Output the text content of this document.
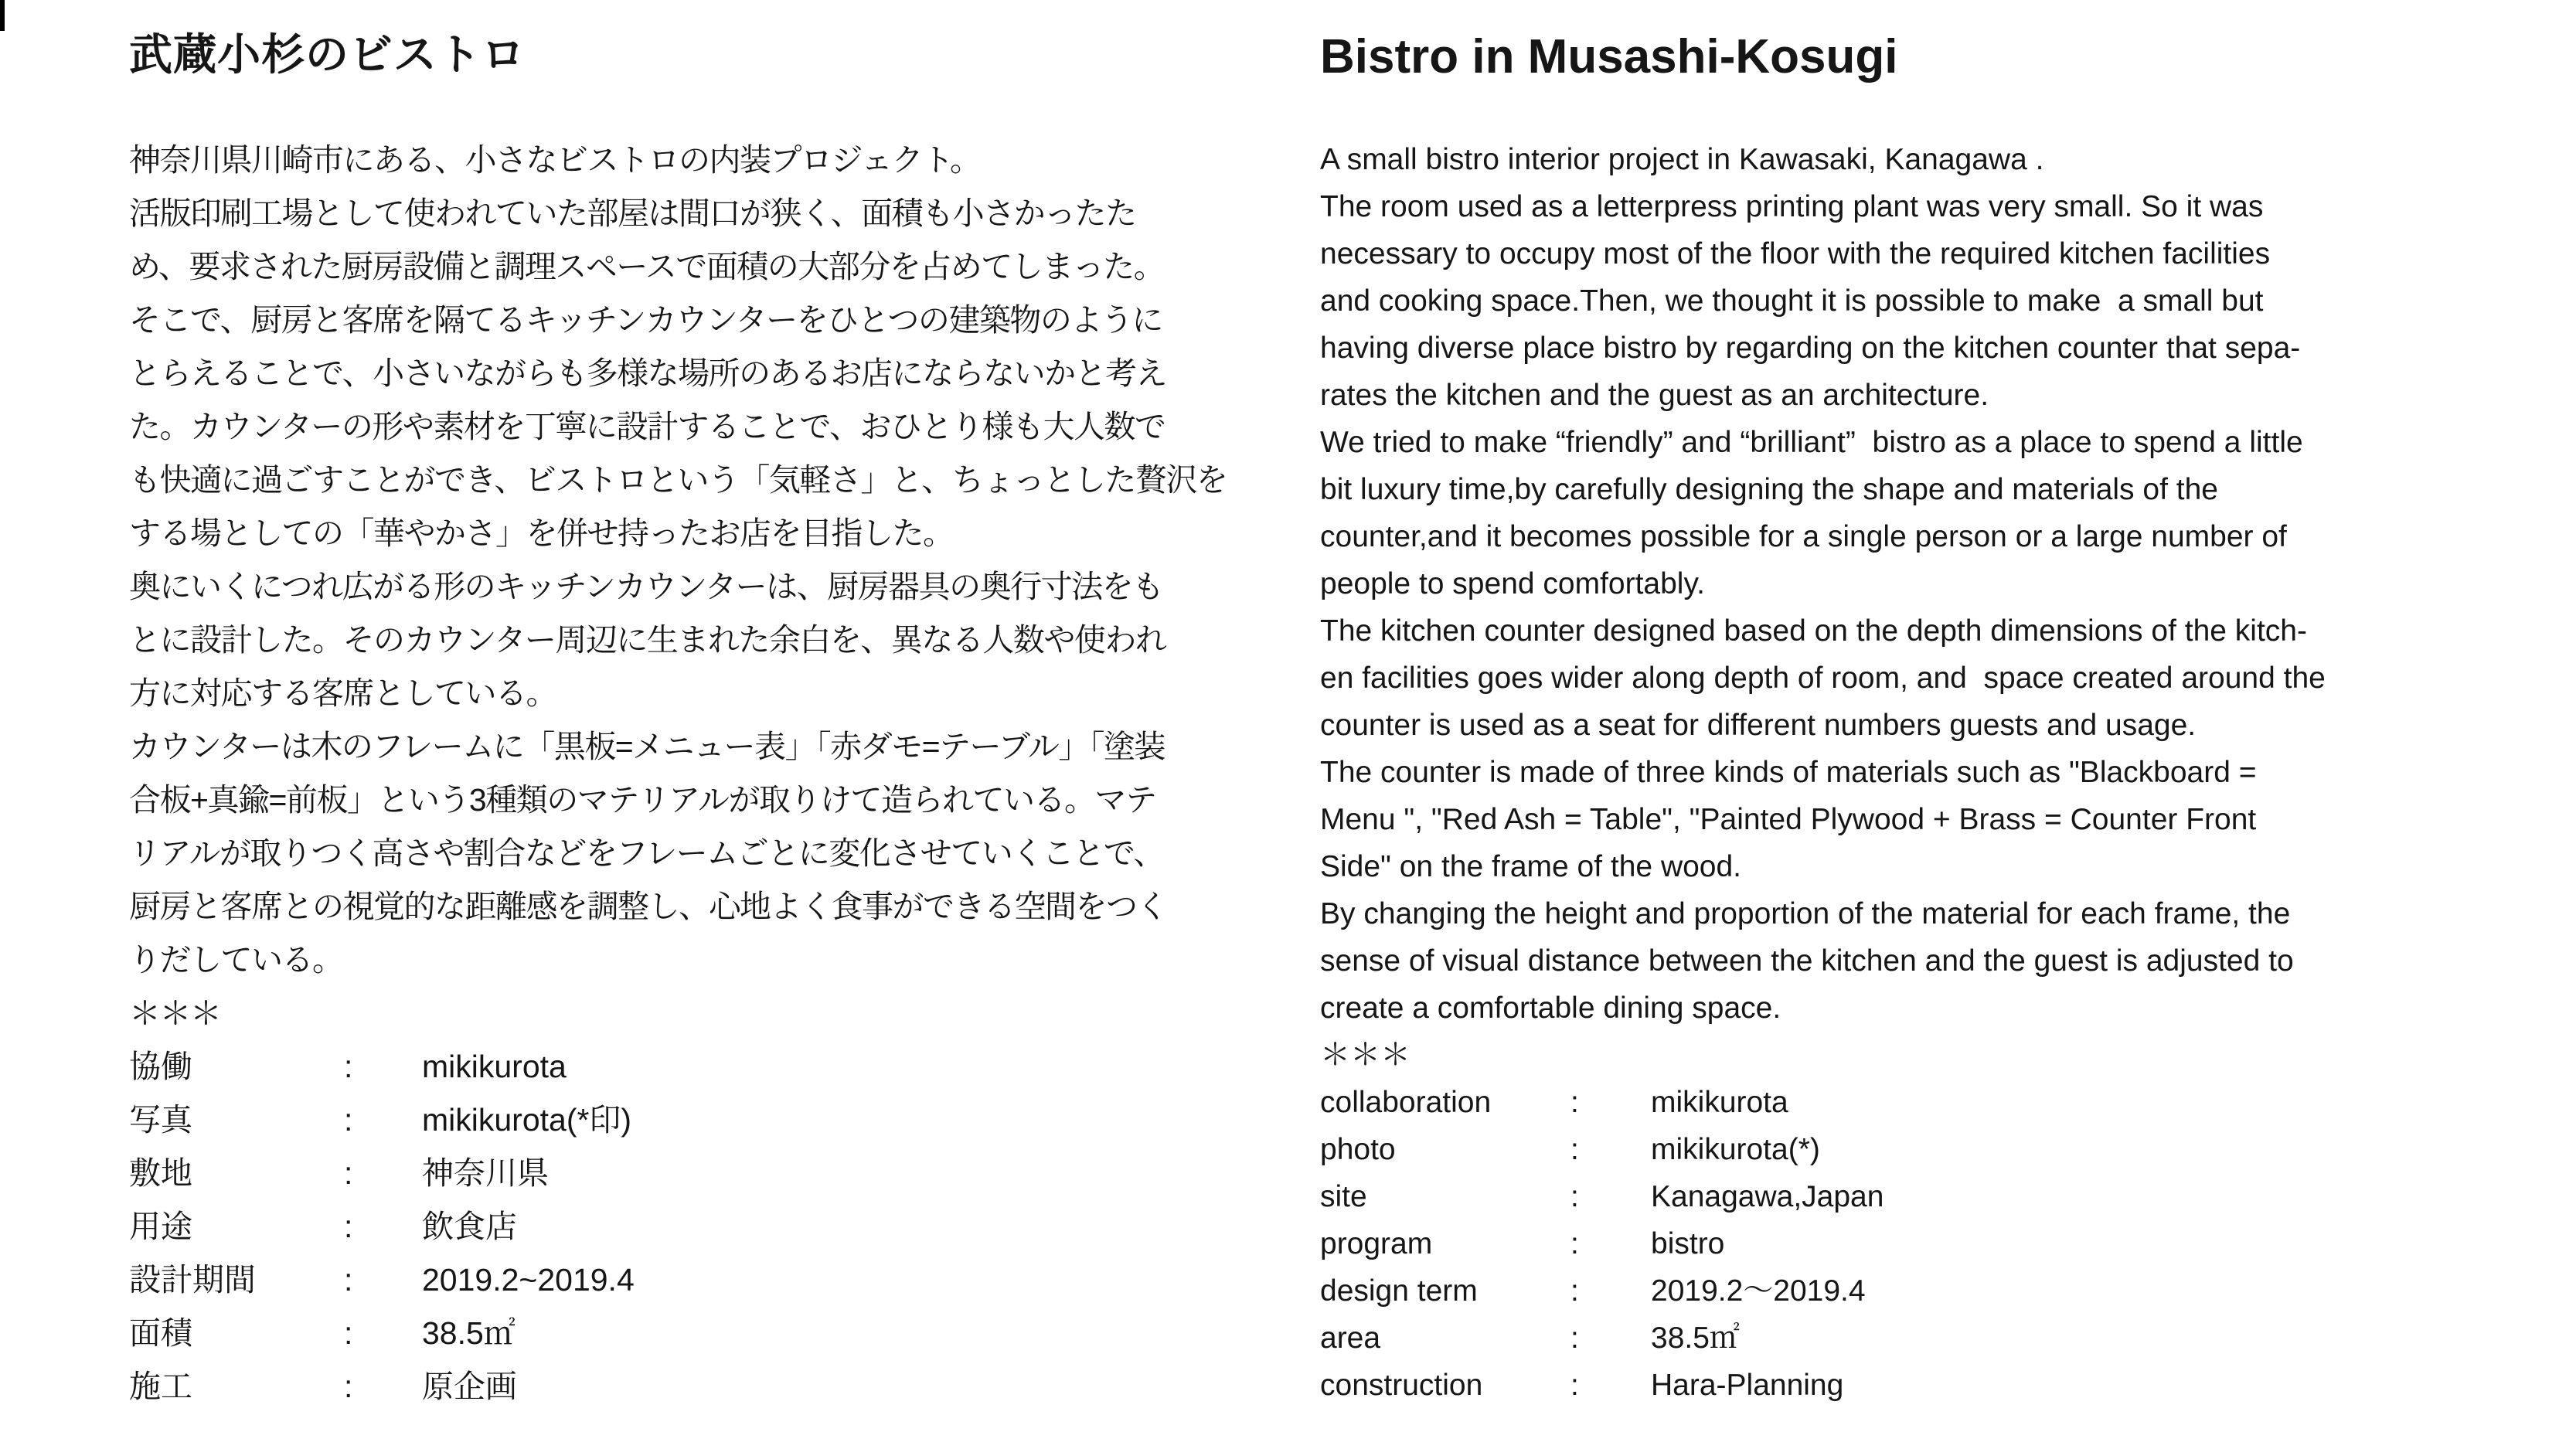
武蔵小杉のビストロ
神奈川県川崎市にある、小さなビストロの内装プロジェクト。
活版印刷工場として使われていた部屋は間口が狭く、面積も小さかったた
め、要求された厨房設備と調理スペースで面積の大部分を占めてしまった。
そこで、厨房と客席を隔てるキッチンカウンターをひとつの建築物のように
とらえることで、小さいながらも多様な場所のあるお店にならないかと考え
た。カウンターの形や素材を丁寧に設計することで、おひとり様も大人数で
も快適に過ごすことができ、ビストロという「気軽さ」と、ちょっとした贅沢を
する場としての「華やかさ」を併せ持ったお店を目指した。
奥にいくにつれ広がる形のキッチンカウンターは、厨房器具の奥行寸法をも
とに設計した。そのカウンター周辺に生まれた余白を、異なる人数や使われ
方に対応する客席としている。
カウンターは木のフレームに「黒板=メニュー表」「赤ダモ=テーブル」「塗装
合板+真鍮=前板」という3種類のマテリアルが取りけて造られている。マテ
リアルが取りつく高さや割合などをフレームごとに変化させていくことで、
厨房と客席との視覚的な距離感を調整し、心地よく食事ができる空間をつく
りだしている。
＊＊＊
協働	:	mikikurota
写真	:	mikikurota(*印)
敷地	:	神奈川県
用途	:	飲食店
設計期間	:	2019.2~2019.4
面積	:	38.5㎡
施工	:	原企画
Bistro in Musashi-Kosugi
A small bistro interior project in Kawasaki, Kanagawa .
The room used as a letterpress printing plant was very small. So it was
necessary to occupy most of the floor with the required kitchen facilities
and cooking space.Then, we thought it is possible to make  a small but
having diverse place bistro by regarding on the kitchen counter that sepa-
rates the kitchen and the guest as an architecture.
We tried to make “friendly” and “brilliant”  bistro as a place to spend a little
bit luxury time,by carefully designing the shape and materials of the
counter,and it becomes possible for a single person or a large number of
people to spend comfortably.
The kitchen counter designed based on the depth dimensions of the kitch-
en facilities goes wider along depth of room, and  space created around the
counter is used as a seat for different numbers guests and usage.
The counter is made of three kinds of materials such as "Blackboard =
Menu ", "Red Ash = Table", "Painted Plywood + Brass = Counter Front
Side" on the frame of the wood.
By changing the height and proportion of the material for each frame, the
sense of visual distance between the kitchen and the guest is adjusted to
create a comfortable dining space.
＊＊＊
collaboration	:	mikikurota
photo	:	mikikurota(*)
site	:	Kanagawa,Japan
program	:	bistro
design term	:	2019.2～2019.4
area	:	38.5㎡
construction	:	Hara-Planning
